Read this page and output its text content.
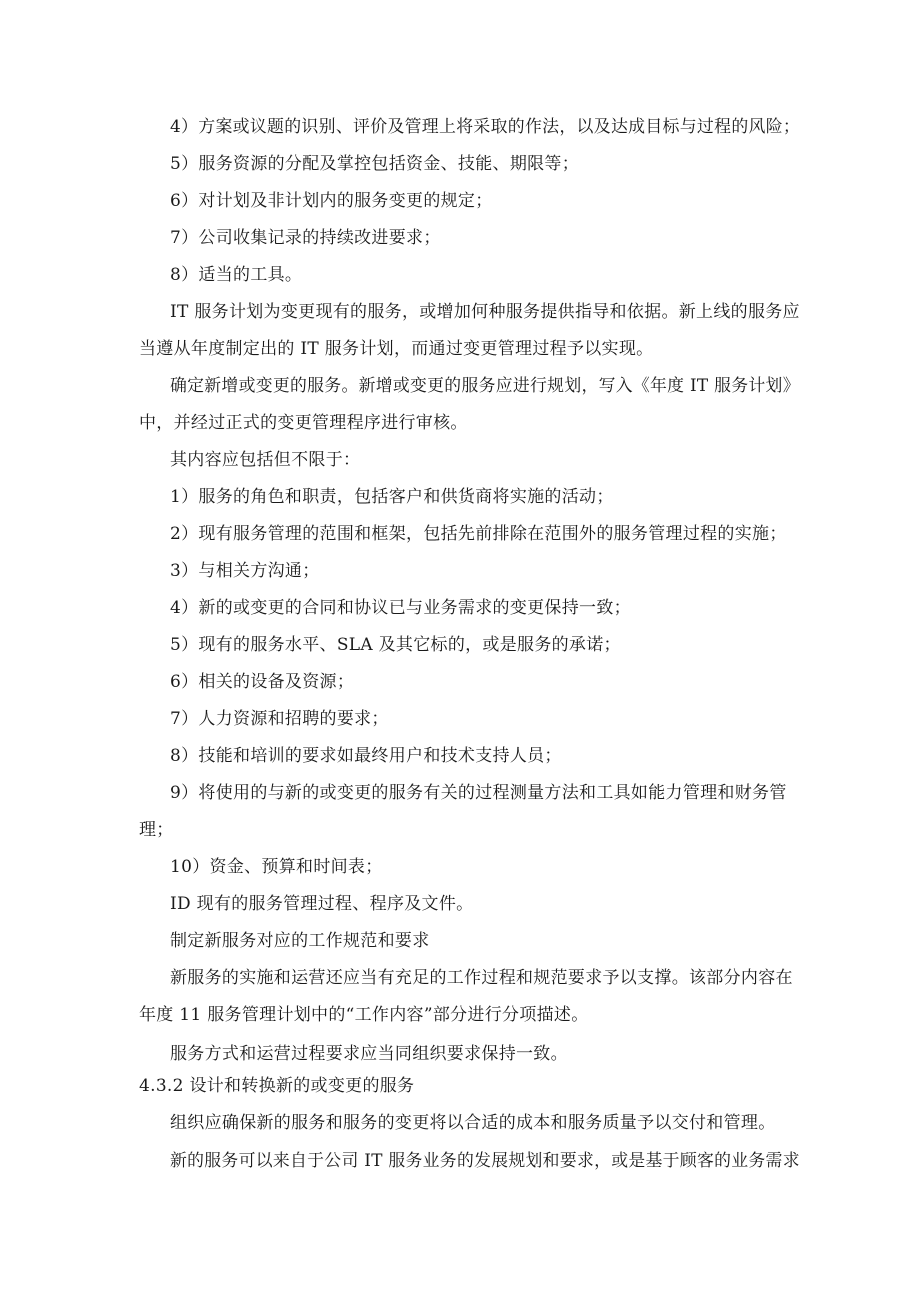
4）方案或议题的识别、评价及管理上将采取的作法，以及达成目标与过程的风险；
5）服务资源的分配及掌控包括资金、技能、期限等；
6）对计划及非计划内的服务变更的规定；
7）公司收集记录的持续改进要求；
8）适当的工具。
IT 服务计划为变更现有的服务，或增加何种服务提供指导和依据。新上线的服务应
当遵从年度制定出的 IT 服务计划，而通过变更管理过程予以实现。
确定新增或变更的服务。新增或变更的服务应进行规划，写入《年度 IT 服务计划》
中，并经过正式的变更管理程序进行审核。
其内容应包括但不限于：
1）服务的角色和职责，包括客户和供货商将实施的活动；
2）现有服务管理的范围和框架，包括先前排除在范围外的服务管理过程的实施；
3）与相关方沟通；
4）新的或变更的合同和协议已与业务需求的变更保持一致；
5）现有的服务水平、SLA 及其它标的，或是服务的承诺；
6）相关的设备及资源；
7）人力资源和招聘的要求；
8）技能和培训的要求如最终用户和技术支持人员；
9）将使用的与新的或变更的服务有关的过程测量方法和工具如能力管理和财务管
理；
10）资金、预算和时间表；
ID 现有的服务管理过程、程序及文件。
制定新服务对应的工作规范和要求
新服务的实施和运营还应当有充足的工作过程和规范要求予以支撑。该部分内容在
年度 11 服务管理计划中的“工作内容”部分进行分项描述。
服务方式和运营过程要求应当同组织要求保持一致。
4.3.2 设计和转换新的或变更的服务
组织应确保新的服务和服务的变更将以合适的成本和服务质量予以交付和管理。
新的服务可以来自于公司 IT 服务业务的发展规划和要求，或是基于顾客的业务需求
